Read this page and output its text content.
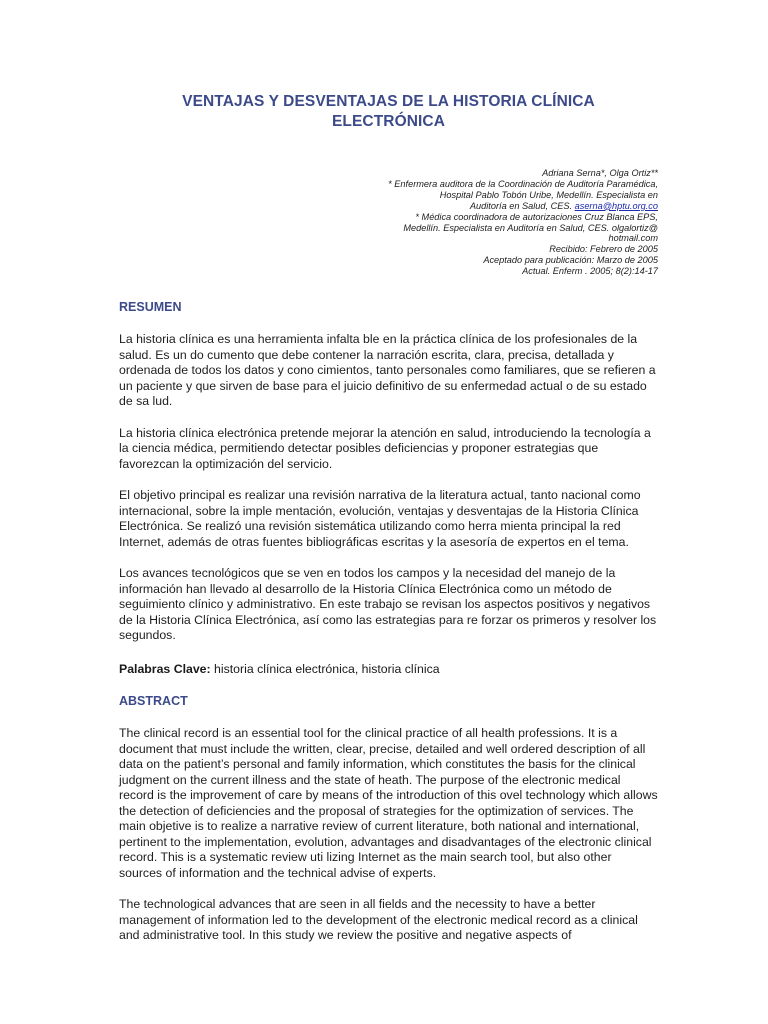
VENTAJAS Y DESVENTAJAS DE LA HISTORIA CLÍNICA
ELECTRÓNICA
Adriana Serna*, Olga Ortiz**
* Enfermera auditora de la Coordinación de Auditoría Paramédica,
Hospital Pablo Tobón Uribe, Medellín. Especialista en
Auditoría en Salud, CES. aserna@hptu.org.co
* Médica coordinadora de autorizaciones Cruz Blanca EPS,
Medellín. Especialista en Auditoría en Salud, CES. olgalortiz@
hotmail.com
Recibido: Febrero de 2005
Aceptado para publicación: Marzo de 2005
Actual. Enferm . 2005; 8(2):14-17
RESUMEN

La historia clínica es una herramienta infalta ble en la práctica clínica de los profesionales de la salud. Es un do cumento que debe contener la narración escrita, clara, precisa, detallada y ordenada de todos los datos y cono cimientos, tanto personales como familiares, que se refieren a un paciente y que sirven de base para el juicio definitivo de su enfermedad actual o de su estado de sa lud.

La historia clínica electrónica pretende mejorar la atención en salud, introduciendo la tecnología a la ciencia médica, permitiendo detectar posibles deficiencias y proponer estrategias que favorezcan la optimización del servicio.

El objetivo principal es realizar una revisión narrativa de la literatura actual, tanto nacional como internacional, sobre la imple mentación, evolución, ventajas y desventajas de la Historia Clínica Electrónica. Se realizó una revisión sistemática utilizando como herra mienta principal la red Internet, además de otras fuentes bibliográficas escritas y la asesoría de expertos en el tema.

Los avances tecnológicos que se ven en todos los campos y la necesidad del manejo de la información han llevado al desarrollo de la Historia Clínica Electrónica como un método de seguimiento clínico y administrativo. En este trabajo se revisan los aspectos positivos y negativos de la Historia Clínica Electrónica, así como las estrategias para re forzar os primeros y resolver los segundos.

Palabras Clave: historia clínica electrónica, historia clínica
ABSTRACT

The clinical record is an essential tool for the clinical practice of all health professions. It is a document that must include the written, clear, precise, detailed and well ordered description of all data on the patient’s personal and family information, which constitutes the basis for the clinical judgment on the current illness and the state of heath. The purpose of the electronic medical record is the improvement of care by means of the introduction of this ovel technology which allows the detection of deficiencies and the proposal of strategies for the optimization of services. The main objetive is to realize a narrative review of current literature, both national and international, pertinent to the implementation, evolution, advantages and disadvantages of the electronic clinical record. This is a systematic review uti lizing Internet as the main search tool, but also other sources of information and the technical advise of experts.

The technological advances that are seen in all fields and the necessity to have a better management of information led to the development of the electronic medical record as a clinical and administrative tool. In this study we review the positive and negative aspects of
